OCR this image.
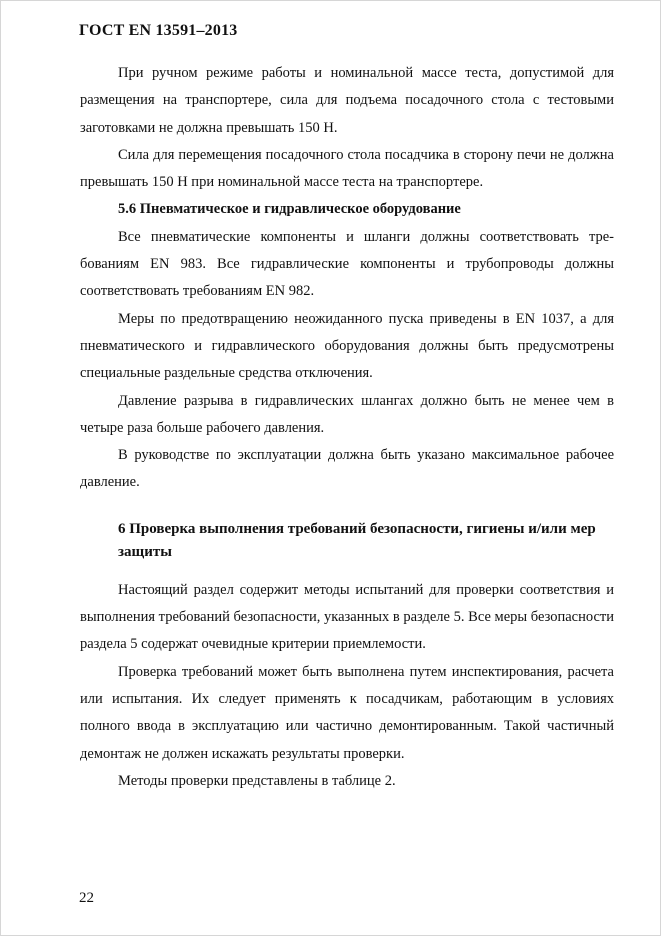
ГОСТ EN 13591–2013

При ручном режиме работы и номинальной массе теста, допустимой для размещения на транспортере, сила для подъема посадочного стола с тестовыми заготовками не должна превышать 150 Н.

Сила для перемещения посадочного стола посадчика в сторону печи не должна превышать 150 Н при номинальной массе теста на транспортере.

5.6 Пневматическое и гидравлическое оборудование

Все пневматические компоненты и шланги должны соответствовать требованиям EN 983. Все гидравлические компоненты и трубопроводы должны соответствовать требованиям EN 982.

Меры по предотвращению неожиданного пуска приведены в EN 1037, а для пневматического и гидравлического оборудования должны быть предусмотрены специальные раздельные средства отключения.

Давление разрыва в гидравлических шлангах должно быть не менее чем в четыре раза больше рабочего давления.

В руководстве по эксплуатации должна быть указано максимальное рабочее давление.

6 Проверка выполнения требований безопасности, гигиены и/или мер защиты

Настоящий раздел содержит методы испытаний для проверки соответствия и выполнения требований безопасности, указанных в разделе 5. Все меры безопасности раздела 5 содержат очевидные критерии приемлемости.

Проверка требований может быть выполнена путем инспектирования, расчета или испытания. Их следует применять к посадчикам, работающим в условиях полного ввода в эксплуатацию или частично демонтированным. Такой частичный демонтаж не должен искажать результаты проверки.

Методы проверки представлены в таблице 2.

22
